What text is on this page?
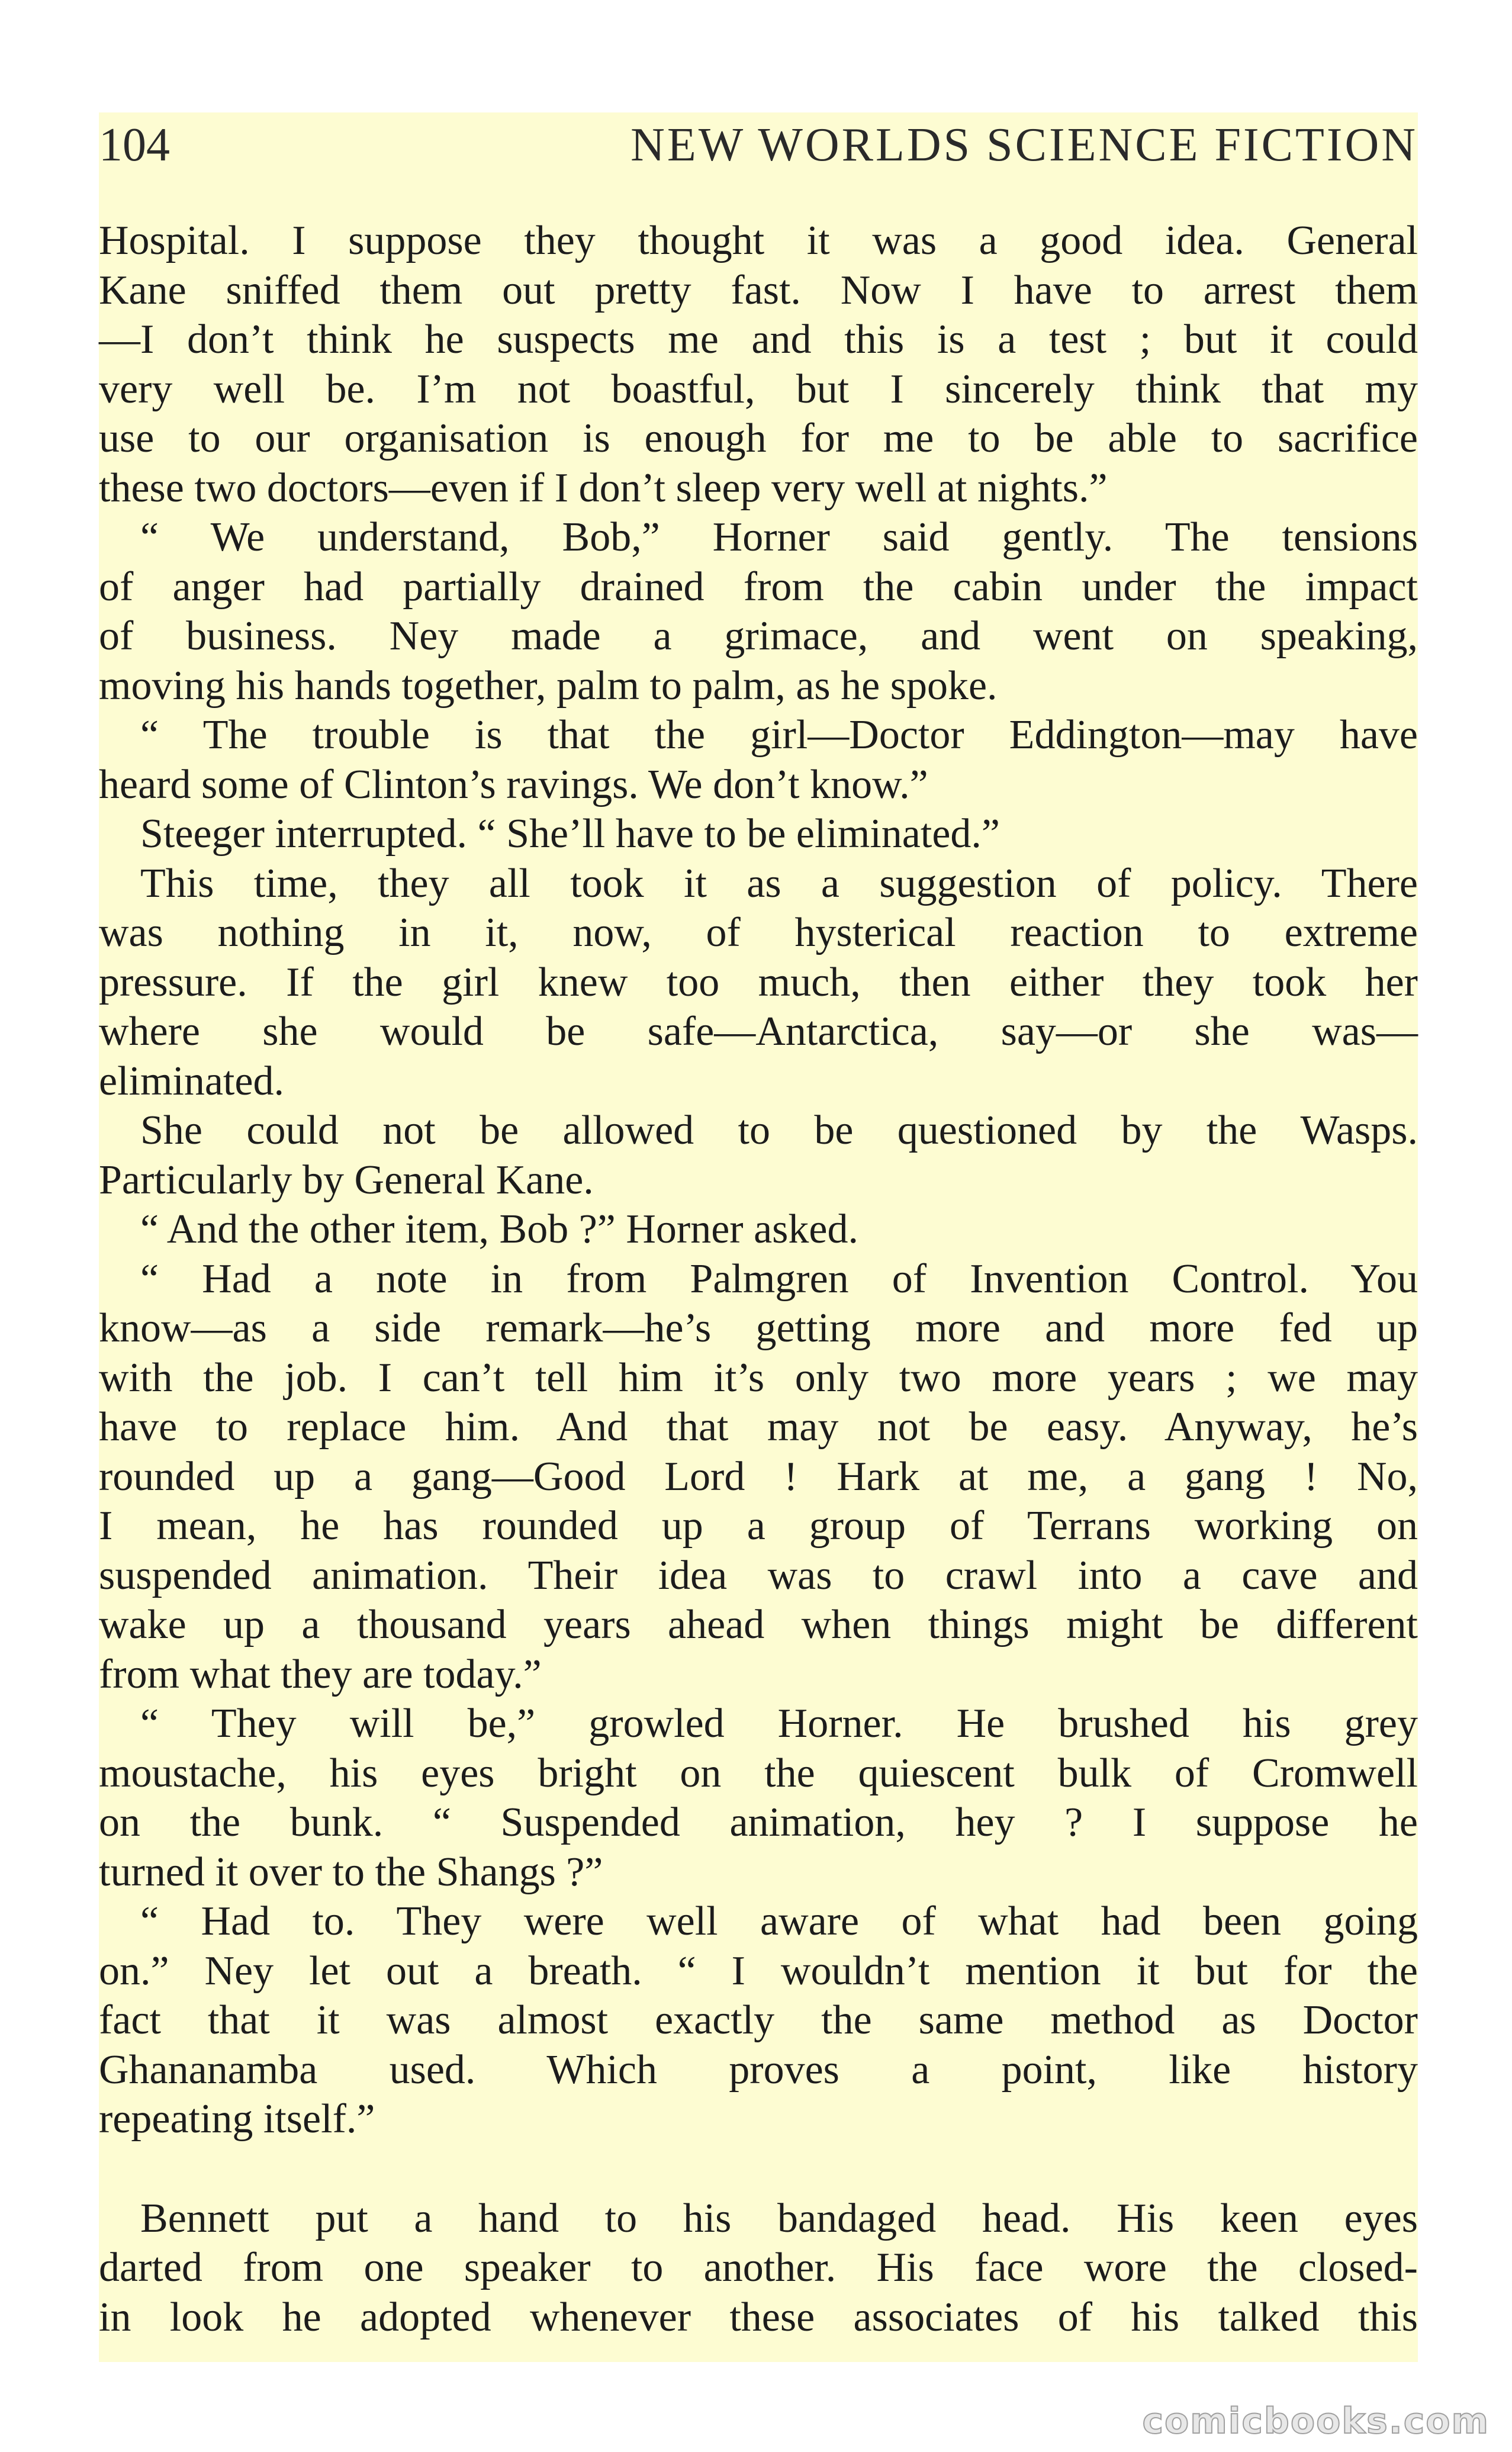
104	NEW WORLDS SCIENCE FICTION
Hospital. I suppose they thought it was a good idea. General
Kane sniffed them out pretty fast. Now I have to arrest them
—I don’t think he suspects me and this is a test ; but it could
very well be. I’m not boastful, but I sincerely think that my
use to our organisation is enough for me to be able to sacrifice
these two doctors—even if I don’t sleep very well at nights.”
“ We understand, Bob,” Horner said gently. The tensions
of anger had partially drained from the cabin under the impact
of business. Ney made a grimace, and went on speaking,
moving his hands together, palm to palm, as he spoke.
“ The trouble is that the girl—Doctor Eddington—may have
heard some of Clinton’s ravings. We don’t know.”
Steeger interrupted. “ She’ll have to be eliminated.”
This time, they all took it as a suggestion of policy. There
was nothing in it, now, of hysterical reaction to extreme
pressure. If the girl knew too much, then either they took her
where she would be safe—Antarctica, say—or she was—
eliminated.
She could not be allowed to be questioned by the Wasps.
Particularly by General Kane.
“ And the other item, Bob ?” Horner asked.
“ Had a note in from Palmgren of Invention Control. You
know—as a side remark—he’s getting more and more fed up
with the job. I can’t tell him it’s only two more years ; we may
have to replace him. And that may not be easy. Anyway, he’s
rounded up a gang—Good Lord ! Hark at me, a gang ! No,
I mean, he has rounded up a group of Terrans working on
suspended animation. Their idea was to crawl into a cave and
wake up a thousand years ahead when things might be different
from what they are today.”
“ They will be,” growled Horner. He brushed his grey
moustache, his eyes bright on the quiescent bulk of Cromwell
on the bunk. “ Suspended animation, hey ? I suppose he
turned it over to the Shangs ?”
“ Had to. They were well aware of what had been going
on.” Ney let out a breath. “ I wouldn’t mention it but for the
fact that it was almost exactly the same method as Doctor
Ghananamba used. Which proves a point, like history
repeating itself.”
Bennett put a hand to his bandaged head. His keen eyes
darted from one speaker to another. His face wore the closed-
in look he adopted whenever these associates of his talked this
comicbooks.com
